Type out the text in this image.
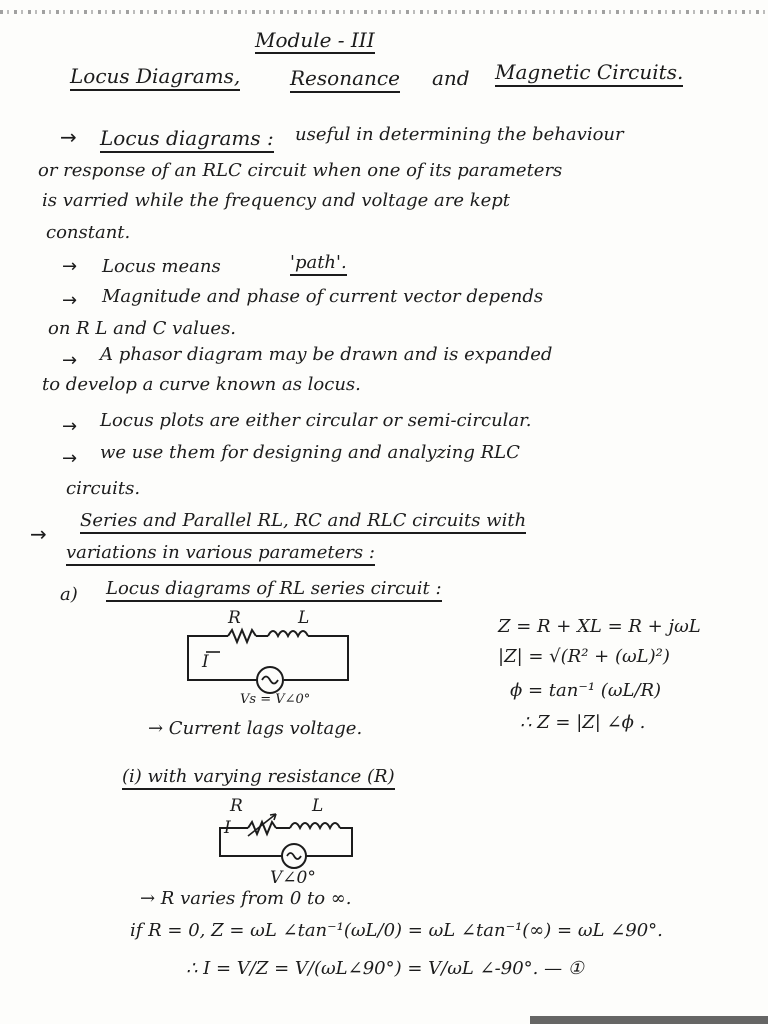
Module - III
Locus Diagrams, Resonance and Magnetic Circuits.
→ Locus diagrams : useful in determining the behaviour
or response of an RLC circuit when one of its parameters
is varried while the frequency and voltage are kept
constant.
→ Locus means	'path'.
→ Magnitude and phase of current vector depends
on R L and C values.
→ A phasor diagram may be drawn and is expanded
to develop a curve known as locus.
→ Locus plots are either circular or semi-circular.
→ we use them for designing and analyzing RLC
circuits.
→
Series and Parallel RL, RC and RLC circuits with
variations in various parameters :
a) Locus diagrams of RL series circuit :
R	L
I
Vs = V∠0°
Z = R + XL = R + jωL
|Z| = √(R² + (ωL)²)
ϕ = tan⁻¹ (ωL/R)
∴ Z = |Z| ∠ϕ .
→ Current lags voltage.
(i) with varying resistance (R)
R	L
I
V∠0°
→ R varies from 0 to ∞.
if R = 0, Z = ωL ∠tan⁻¹(ωL/0) = ωL ∠tan⁻¹(∞) = ωL ∠90°.
∴ I = V/Z = V/(ωL∠90°) = V/ωL ∠-90°. — ①
